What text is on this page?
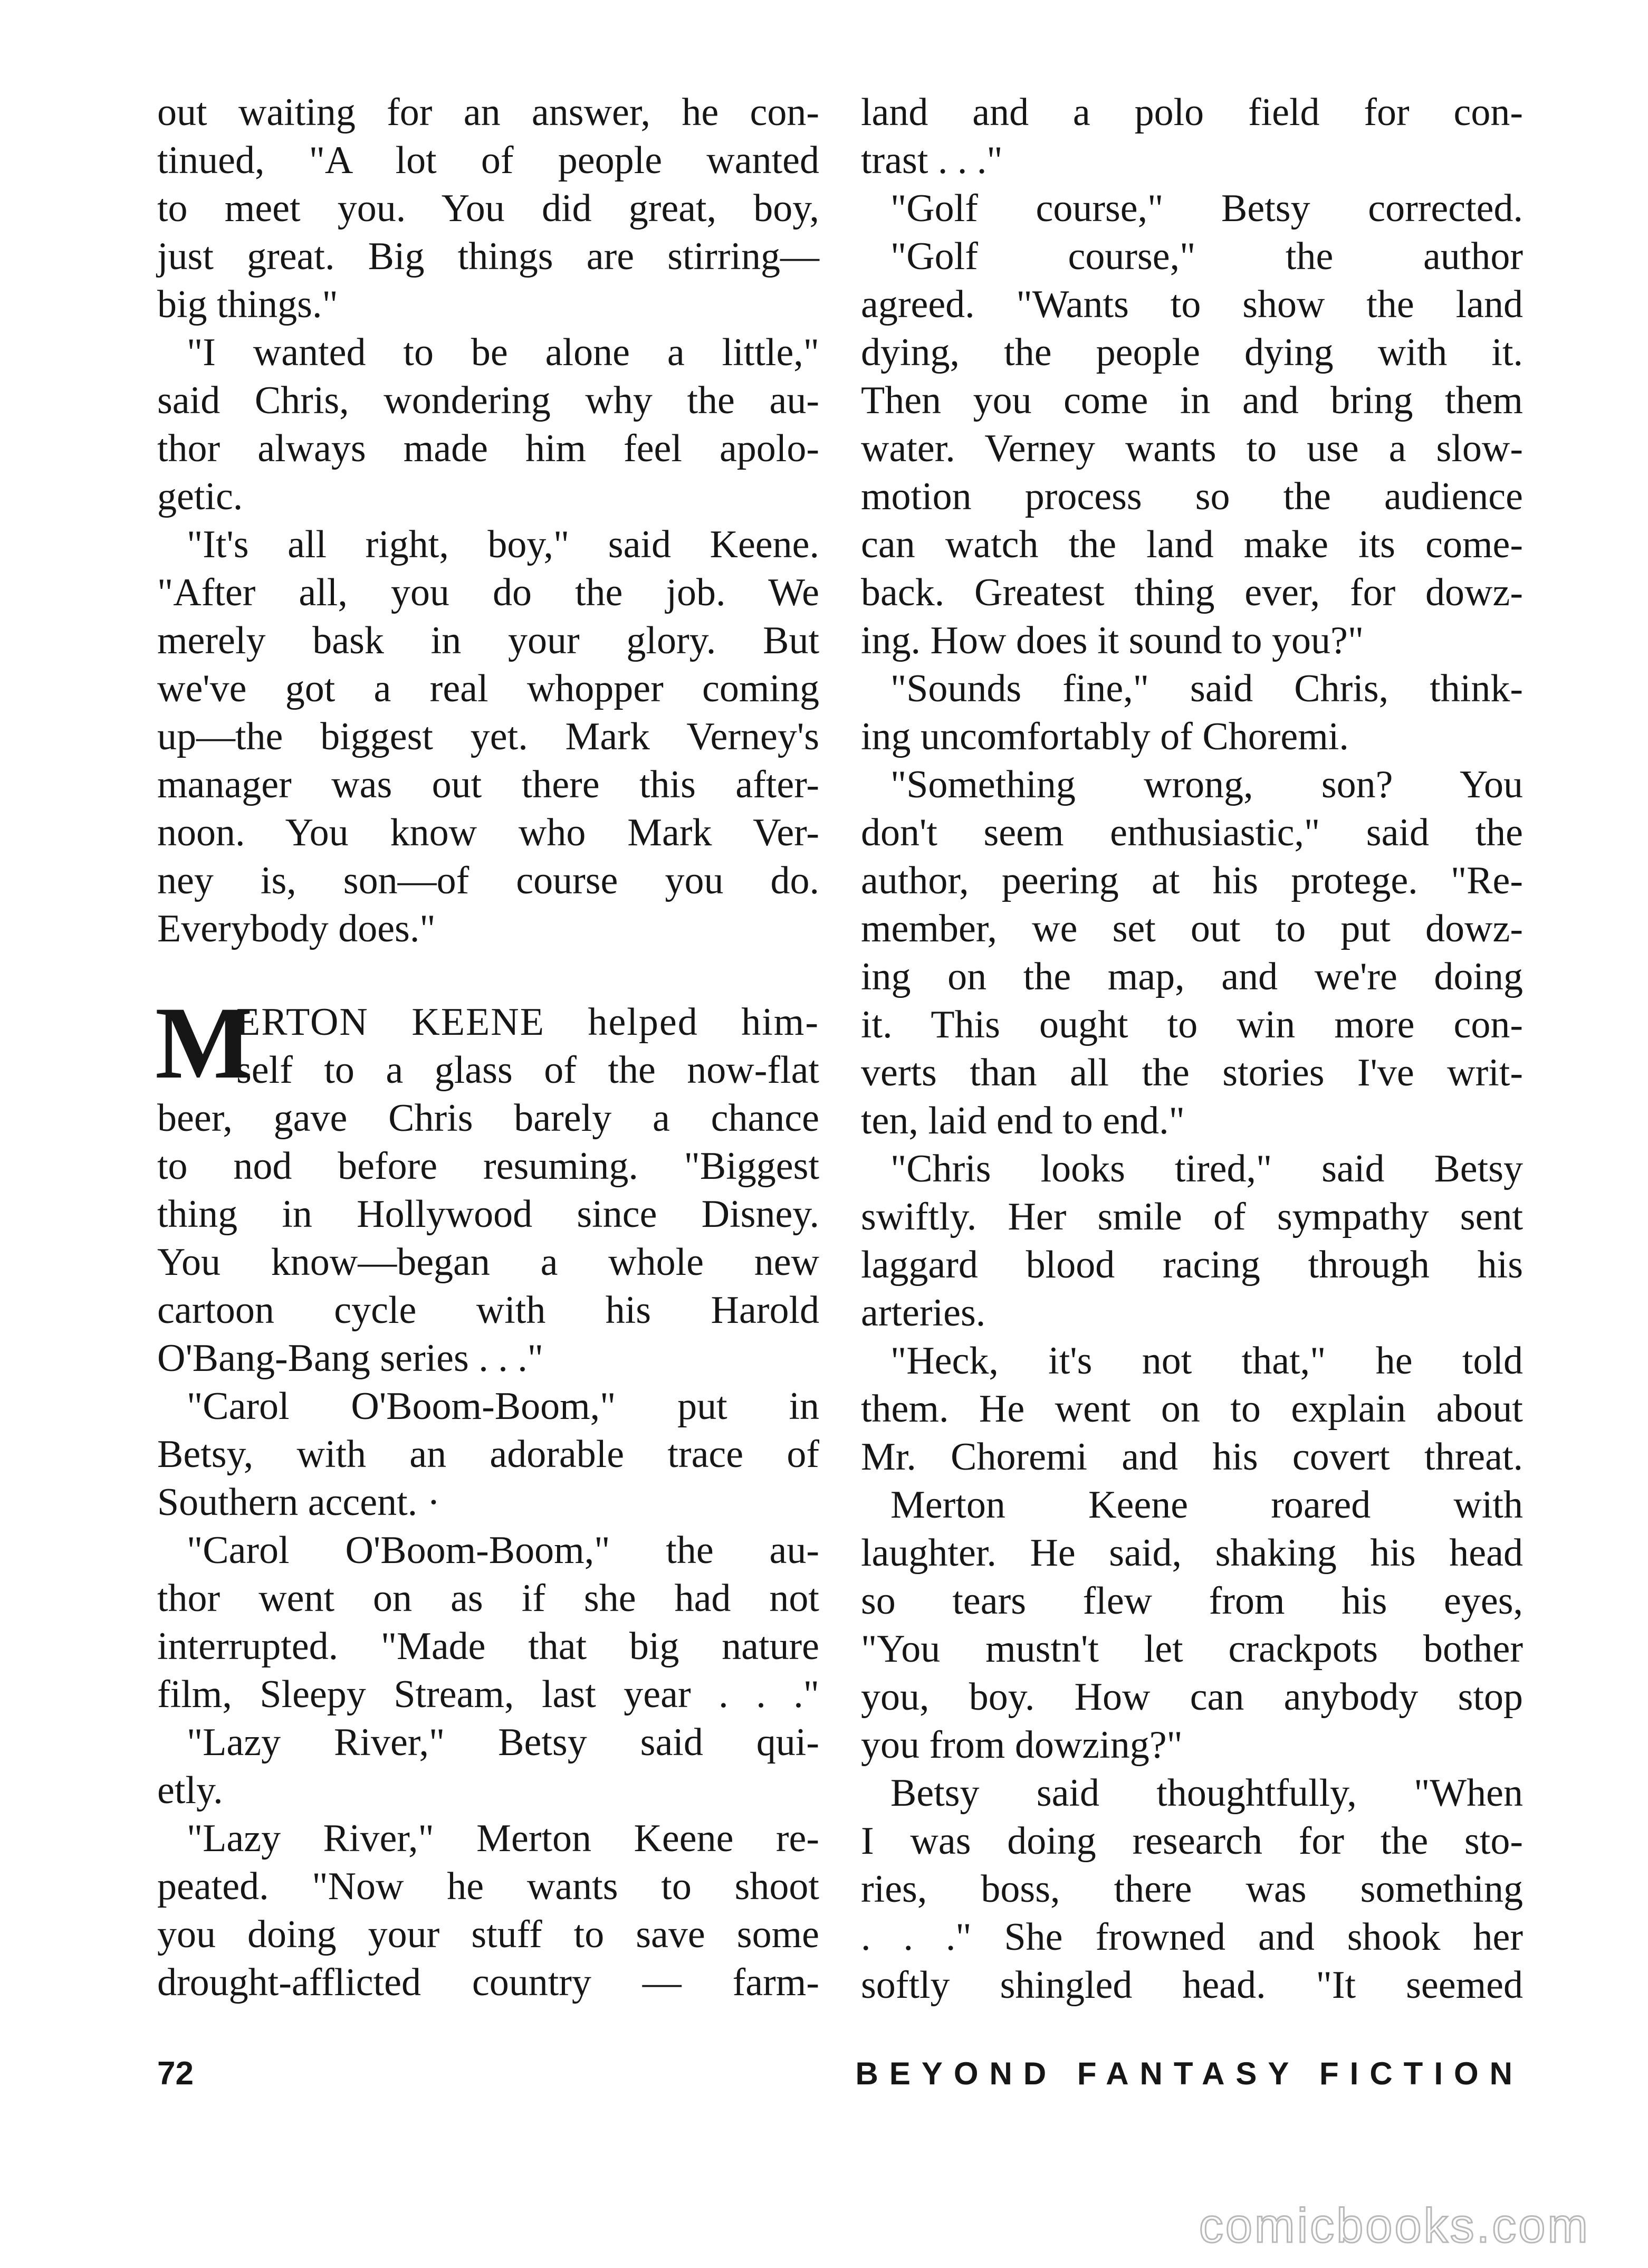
out waiting for an answer, he con-
tinued, "A lot of people wanted
to meet you. You did great, boy,
just great. Big things are stirring—
big things."
"I wanted to be alone a little,"
said Chris, wondering why the au-
thor always made him feel apolo-
getic.
"It's all right, boy," said Keene.
"After all, you do the job. We
merely bask in your glory. But
we've got a real whopper coming
up—the biggest yet. Mark Verney's
manager was out there this after-
noon. You know who Mark Ver-
ney is, son—of course you do.
Everybody does."
M
ERTON KEENE helped him-
self to a glass of the now-flat
beer, gave Chris barely a chance
to nod before resuming. "Biggest
thing in Hollywood since Disney.
You know—began a whole new
cartoon cycle with his Harold
O'Bang-Bang series . . ."
"Carol O'Boom-Boom," put in
Betsy, with an adorable trace of
Southern accent. ·
"Carol O'Boom-Boom," the au-
thor went on as if she had not
interrupted. "Made that big nature
film, Sleepy Stream, last year . . ."
"Lazy River," Betsy said qui-
etly.
"Lazy River," Merton Keene re-
peated. "Now he wants to shoot
you doing your stuff to save some
drought-afflicted country — farm-
land and a polo field for con-
trast . . ."
"Golf course," Betsy corrected.
"Golf course," the author
agreed. "Wants to show the land
dying, the people dying with it.
Then you come in and bring them
water. Verney wants to use a slow-
motion process so the audience
can watch the land make its come-
back. Greatest thing ever, for dowz-
ing. How does it sound to you?"
"Sounds fine," said Chris, think-
ing uncomfortably of Choremi.
"Something wrong, son? You
don't seem enthusiastic," said the
author, peering at his protege. "Re-
member, we set out to put dowz-
ing on the map, and we're doing
it. This ought to win more con-
verts than all the stories I've writ-
ten, laid end to end."
"Chris looks tired," said Betsy
swiftly. Her smile of sympathy sent
laggard blood racing through his
arteries.
"Heck, it's not that," he told
them. He went on to explain about
Mr. Choremi and his covert threat.
Merton Keene roared with
laughter. He said, shaking his head
so tears flew from his eyes,
"You mustn't let crackpots bother
you, boy. How can anybody stop
you from dowzing?"
Betsy said thoughtfully, "When
I was doing research for the sto-
ries, boss, there was something
. . ." She frowned and shook her
softly shingled head. "It seemed
72	BEYOND FANTASY FICTION
comicbooks.com
